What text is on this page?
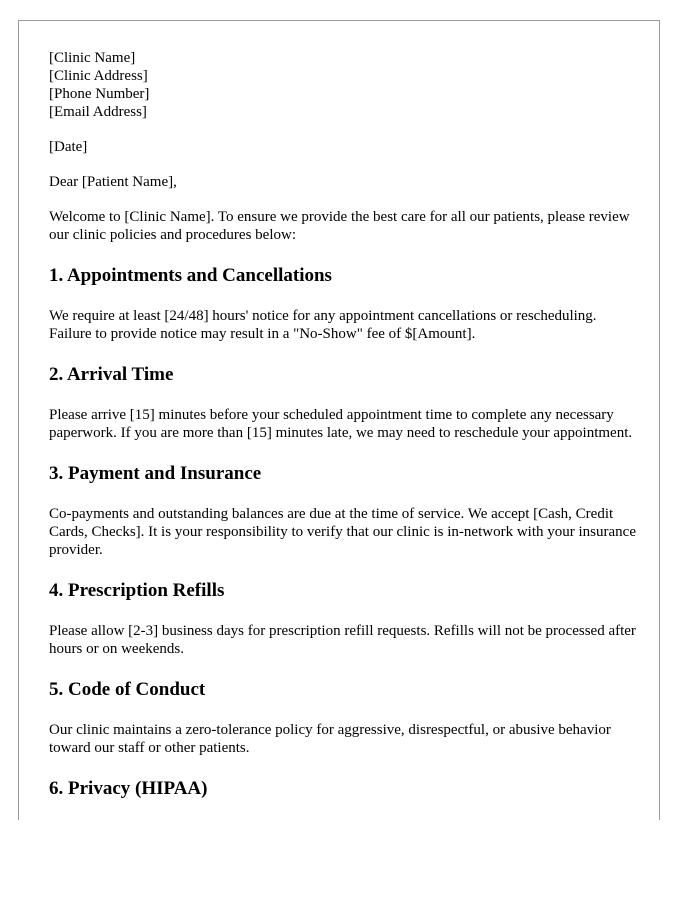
[Clinic Name]
[Clinic Address]
[Phone Number]
[Email Address]

[Date]

Dear [Patient Name],

Welcome to [Clinic Name]. To ensure we provide the best care for all our patients, please review our clinic policies and procedures below:

1. Appointments and Cancellations

We require at least [24/48] hours' notice for any appointment cancellations or rescheduling. Failure to provide notice may result in a "No-Show" fee of $[Amount].

2. Arrival Time

Please arrive [15] minutes before your scheduled appointment time to complete any necessary paperwork. If you are more than [15] minutes late, we may need to reschedule your appointment.

3. Payment and Insurance

Co-payments and outstanding balances are due at the time of service. We accept [Cash, Credit Cards, Checks]. It is your responsibility to verify that our clinic is in-network with your insurance provider.

4. Prescription Refills

Please allow [2-3] business days for prescription refill requests. Refills will not be processed after hours or on weekends.

5. Code of Conduct

Our clinic maintains a zero-tolerance policy for aggressive, disrespectful, or abusive behavior toward our staff or other patients.

6. Privacy (HIPAA)
